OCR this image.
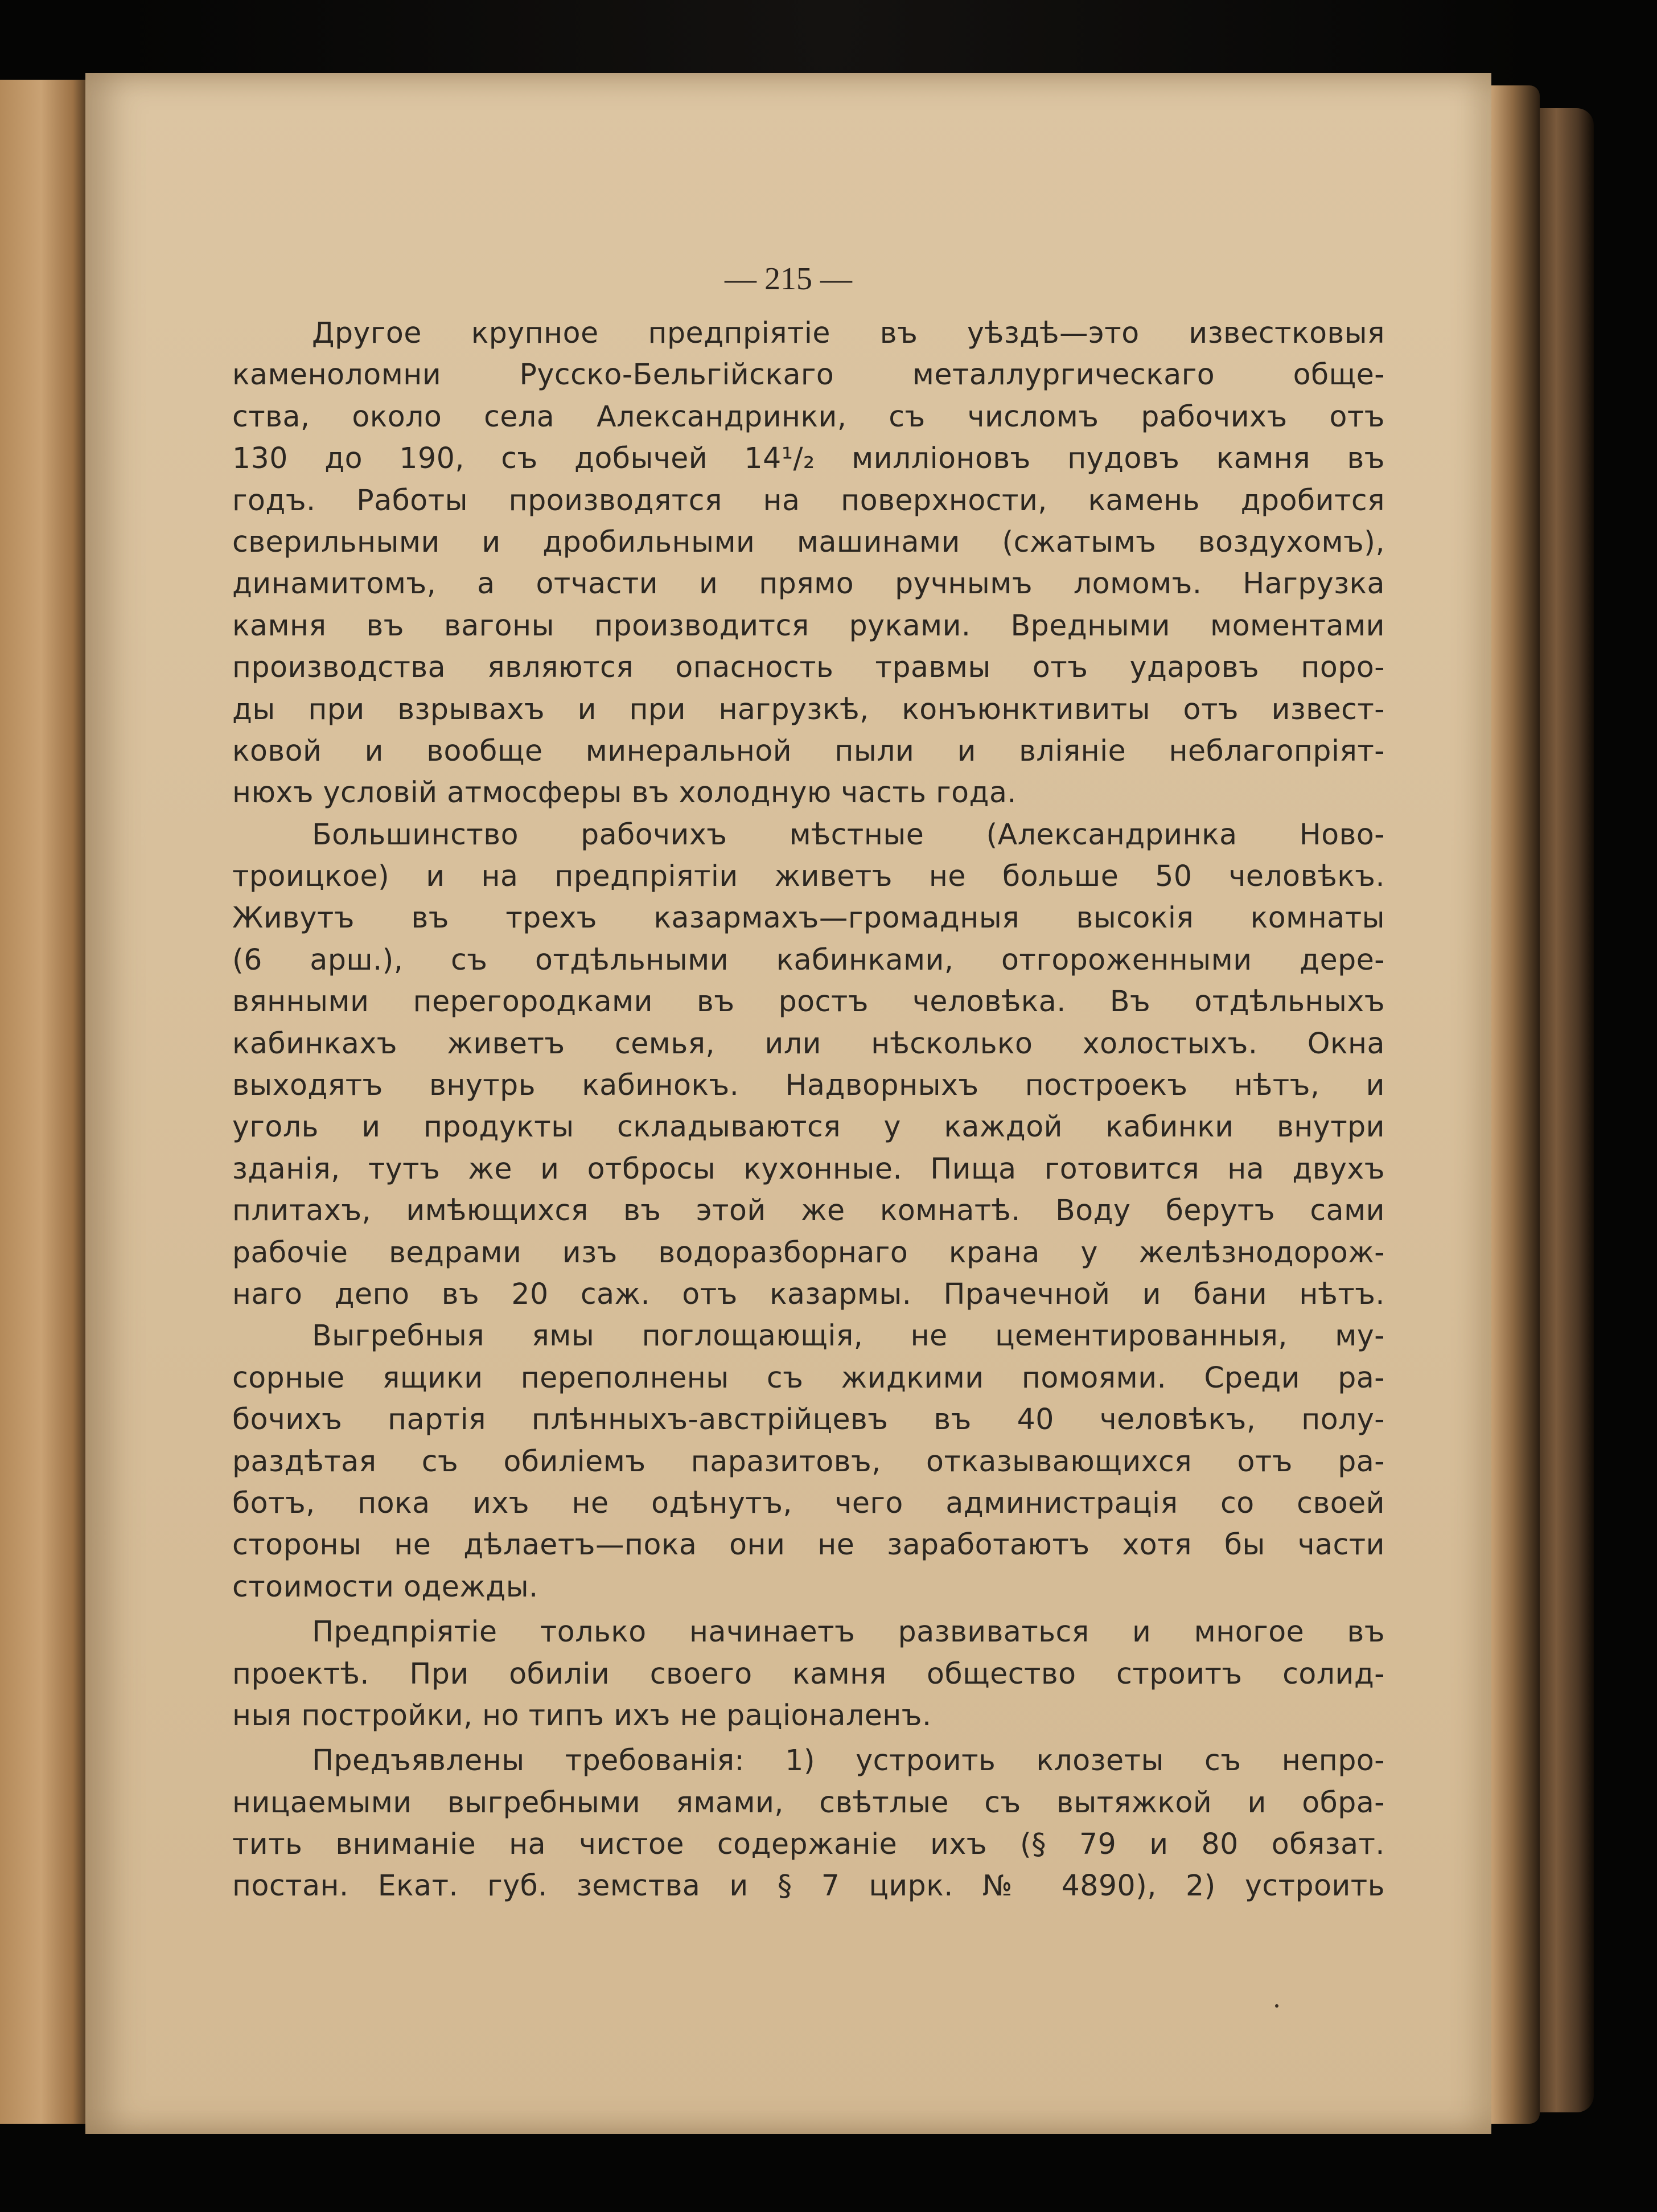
— 215 —
Другое крупное предпріятіе въ уѣздѣ—это известковыя
каменоломни Русско-Бельгійскаго металлургическаго обще-
ства, около села Александринки, съ числомъ рабочихъ отъ
130 до 190, съ добычей 14¹/₂ милліоновъ пудовъ камня въ
годъ. Работы производятся на поверхности, камень дробится
сверильными и дробильными машинами (сжатымъ воздухомъ),
динамитомъ, а отчасти и прямо ручнымъ ломомъ. Нагрузка
камня въ вагоны производится руками. Вредными моментами
производства являются опасность травмы отъ ударовъ поро-
ды при взрывахъ и при нагрузкѣ, конъюнктивиты отъ извест-
ковой и вообще минеральной пыли и вліяніе неблагопріят-
нюхъ условій атмосферы въ холодную часть года.
Большинство рабочихъ мѣстные (Александринка Ново-
троицкое) и на предпріятіи живетъ не больше 50 человѣкъ.
Живутъ въ трехъ казармахъ—громадныя высокія комнаты
(6 арш.), съ отдѣльными кабинками, отгороженными дере-
вянными перегородками въ ростъ человѣка. Въ отдѣльныхъ
кабинкахъ живетъ семья, или нѣсколько холостыхъ. Окна
выходятъ внутрь кабинокъ. Надворныхъ построекъ нѣтъ, и
уголь и продукты складываются у каждой кабинки внутри
зданія, тутъ же и отбросы кухонные. Пища готовится на двухъ
плитахъ, имѣющихся въ этой же комнатѣ. Воду берутъ сами
рабочіе ведрами изъ водоразборнаго крана у желѣзнодорож-
наго депо въ 20 саж. отъ казармы. Прачечной и бани нѣтъ.
Выгребныя ямы поглощающія, не цементированныя, му-
сорные ящики переполнены съ жидкими помоями. Среди ра-
бочихъ партія плѣнныхъ-австрійцевъ въ 40 человѣкъ, полу-
раздѣтая съ обиліемъ паразитовъ, отказывающихся отъ ра-
ботъ, пока ихъ не одѣнутъ, чего администрація со своей
стороны не дѣлаетъ—пока они не заработаютъ хотя бы части
стоимости одежды.
Предпріятіе только начинаетъ развиваться и многое въ
проектѣ. При обиліи своего камня общество строитъ солид-
ныя постройки, но типъ ихъ не раціоналенъ.
Предъявлены требованія: 1) устроить клозеты съ непро-
ницаемыми выгребными ямами, свѣтлые съ вытяжкой и обра-
тить вниманіе на чистое содержаніе ихъ (§ 79 и 80 обязат.
постан. Екат. губ. земства и § 7 цирк. № 4890), 2) устроить
